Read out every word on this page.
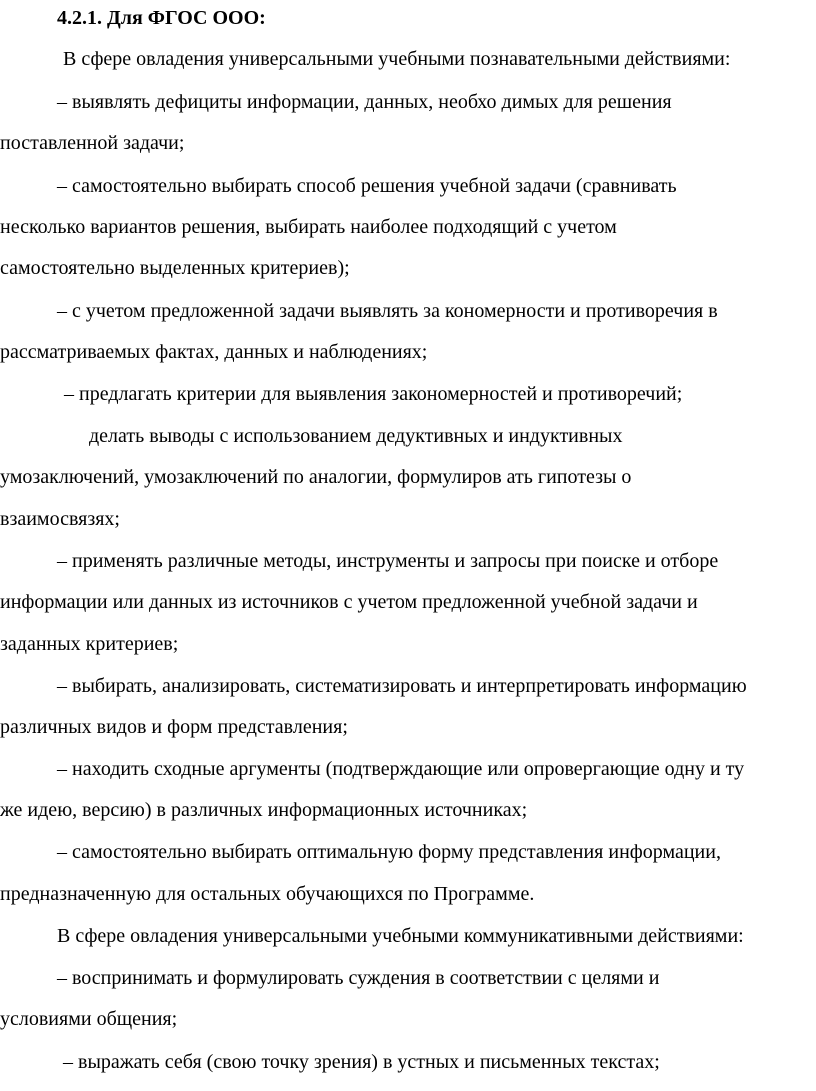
4.2.1. Для ФГОС ООО:
В сфере овладения универсальными учебными познавательными действиями:
– выявлять дефициты информации, данных, необхо димых для решения
поставленной задачи;
– самостоятельно выбирать способ решения учебной задачи (сравнивать
несколько вариантов решения, выбирать наиболее подходящий с учетом
самостоятельно выделенных критериев);
– с учетом предложенной задачи выявлять за кономерности и противоречия в
рассматриваемых фактах, данных и наблюдениях;
– предлагать критерии для выявления закономерностей и противоречий;
делать выводы с использованием дедуктивных и индуктивных
умозаключений, умозаключений по аналогии, формулиров ать гипотезы о
взаимосвязях;
– применять различные методы, инструменты и запросы при поиске и отборе
информации или данных из источников с учетом предложенной учебной задачи и
заданных критериев;
– выбирать, анализировать, систематизировать и интерпретировать информацию
различных видов и форм представления;
– находить сходные аргументы (подтверждающие или опровергающие одну и ту
же идею, версию) в различных информационных источниках;
– самостоятельно выбирать оптимальную форму представления информации,
предназначенную для остальных обучающихся по Программе.
В сфере овладения универсальными учебными коммуникативными действиями:
– воспринимать и формулировать суждения в соответствии с целями и
условиями общения;
– выражать себя (свою точку зрения) в устных и письменных текстах;
